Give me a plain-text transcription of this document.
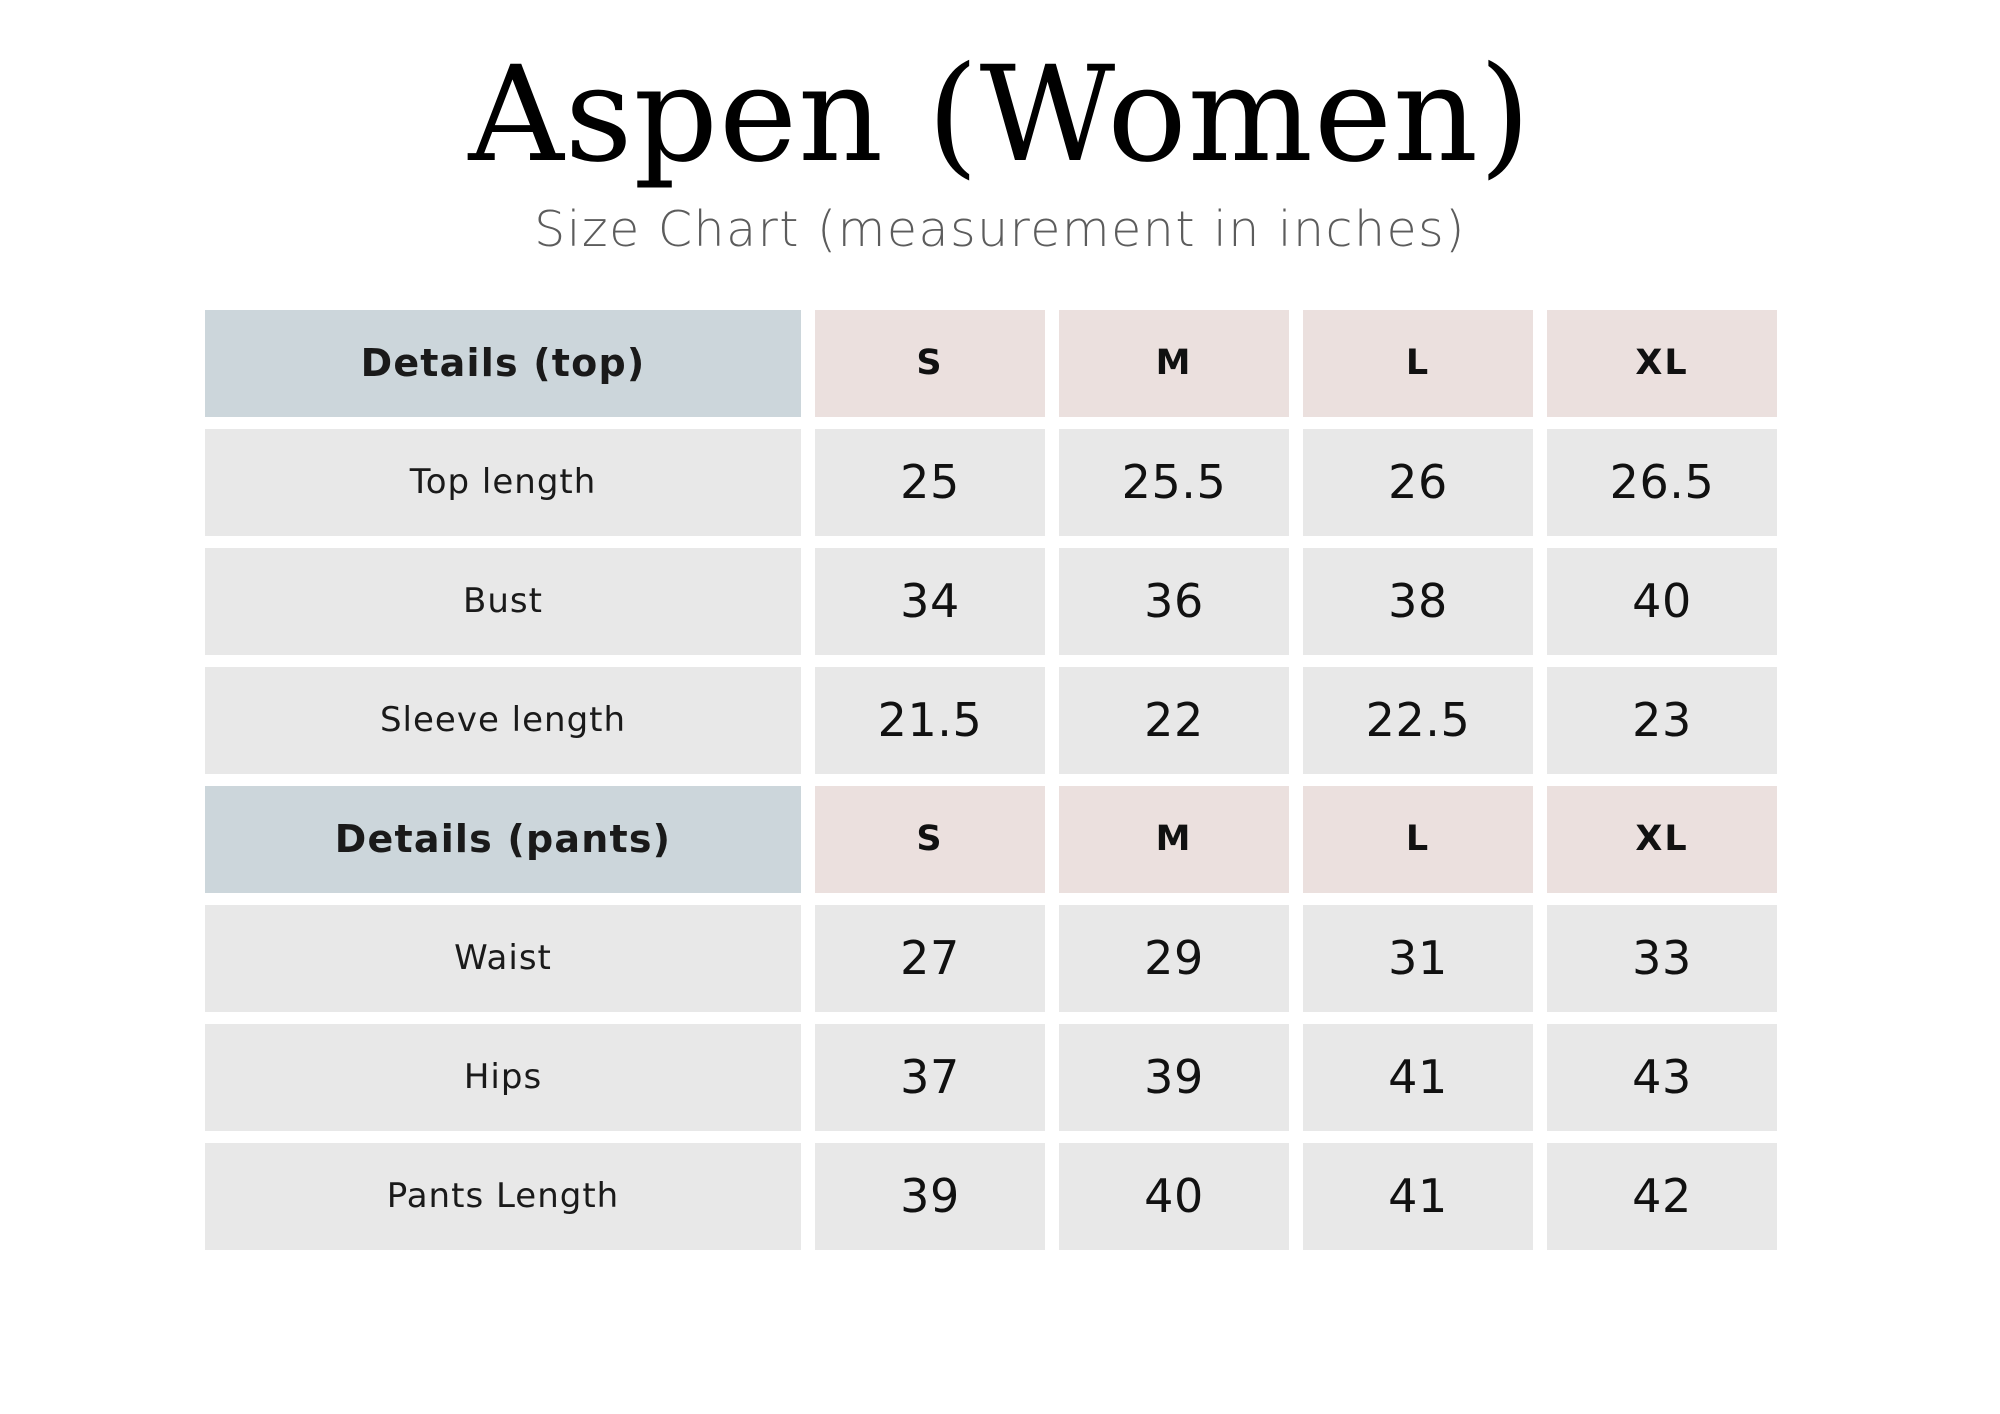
Aspen (Women)

Size Chart (measurement in inches)

Details (top)	S	M	L	XL
Top length	25	25.5	26	26.5
Bust	34	36	38	40
Sleeve length	21.5	22	22.5	23
Details (pants)	S	M	L	XL
Waist	27	29	31	33
Hips	37	39	41	43
Pants Length	39	40	41	42
